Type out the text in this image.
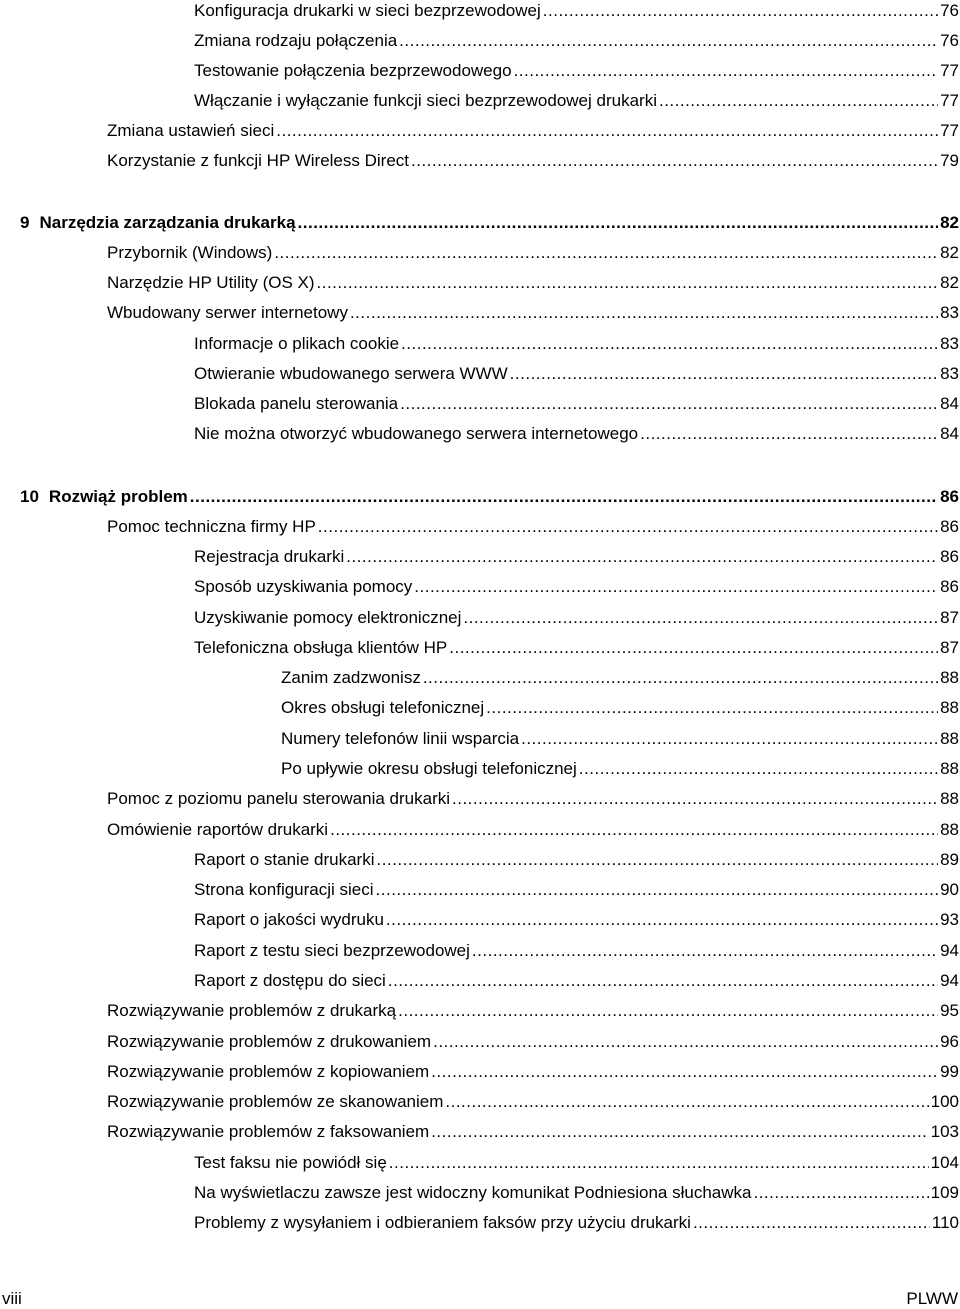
Konfiguracja drukarki w sieci bezprzewodowej .....	76
Zmiana rodzaju połączenia .....	76
Testowanie połączenia bezprzewodowego .....	77
Włączanie i wyłączanie funkcji sieci bezprzewodowej drukarki .....	77
Zmiana ustawień sieci .....	77
Korzystanie z funkcji HP Wireless Direct .....	79
9 Narzędzia zarządzania drukarką .....	82
Przybornik (Windows) .....	82
Narzędzie HP Utility (OS X) .....	82
Wbudowany serwer internetowy .....	83
Informacje o plikach cookie .....	83
Otwieranie wbudowanego serwera WWW .....	83
Blokada panelu sterowania .....	84
Nie można otworzyć wbudowanego serwera internetowego .....	84
10 Rozwiąż problem .....	86
Pomoc techniczna firmy HP .....	86
Rejestracja drukarki .....	86
Sposób uzyskiwania pomocy .....	86
Uzyskiwanie pomocy elektronicznej .....	87
Telefoniczna obsługa klientów HP .....	87
Zanim zadzwonisz .....	88
Okres obsługi telefonicznej .....	88
Numery telefonów linii wsparcia .....	88
Po upływie okresu obsługi telefonicznej .....	88
Pomoc z poziomu panelu sterowania drukarki .....	88
Omówienie raportów drukarki .....	88
Raport o stanie drukarki .....	89
Strona konfiguracji sieci .....	90
Raport o jakości wydruku .....	93
Raport z testu sieci bezprzewodowej .....	94
Raport z dostępu do sieci .....	94
Rozwiązywanie problemów z drukarką .....	95
Rozwiązywanie problemów z drukowaniem .....	96
Rozwiązywanie problemów z kopiowaniem .....	99
Rozwiązywanie problemów ze skanowaniem .....	100
Rozwiązywanie problemów z faksowaniem .....	103
Test faksu nie powiódł się .....	104
Na wyświetlaczu zawsze jest widoczny komunikat Podniesiona słuchawka .....	109
Problemy z wysyłaniem i odbieraniem faksów przy użyciu drukarki .....	110
viii	PLWW
